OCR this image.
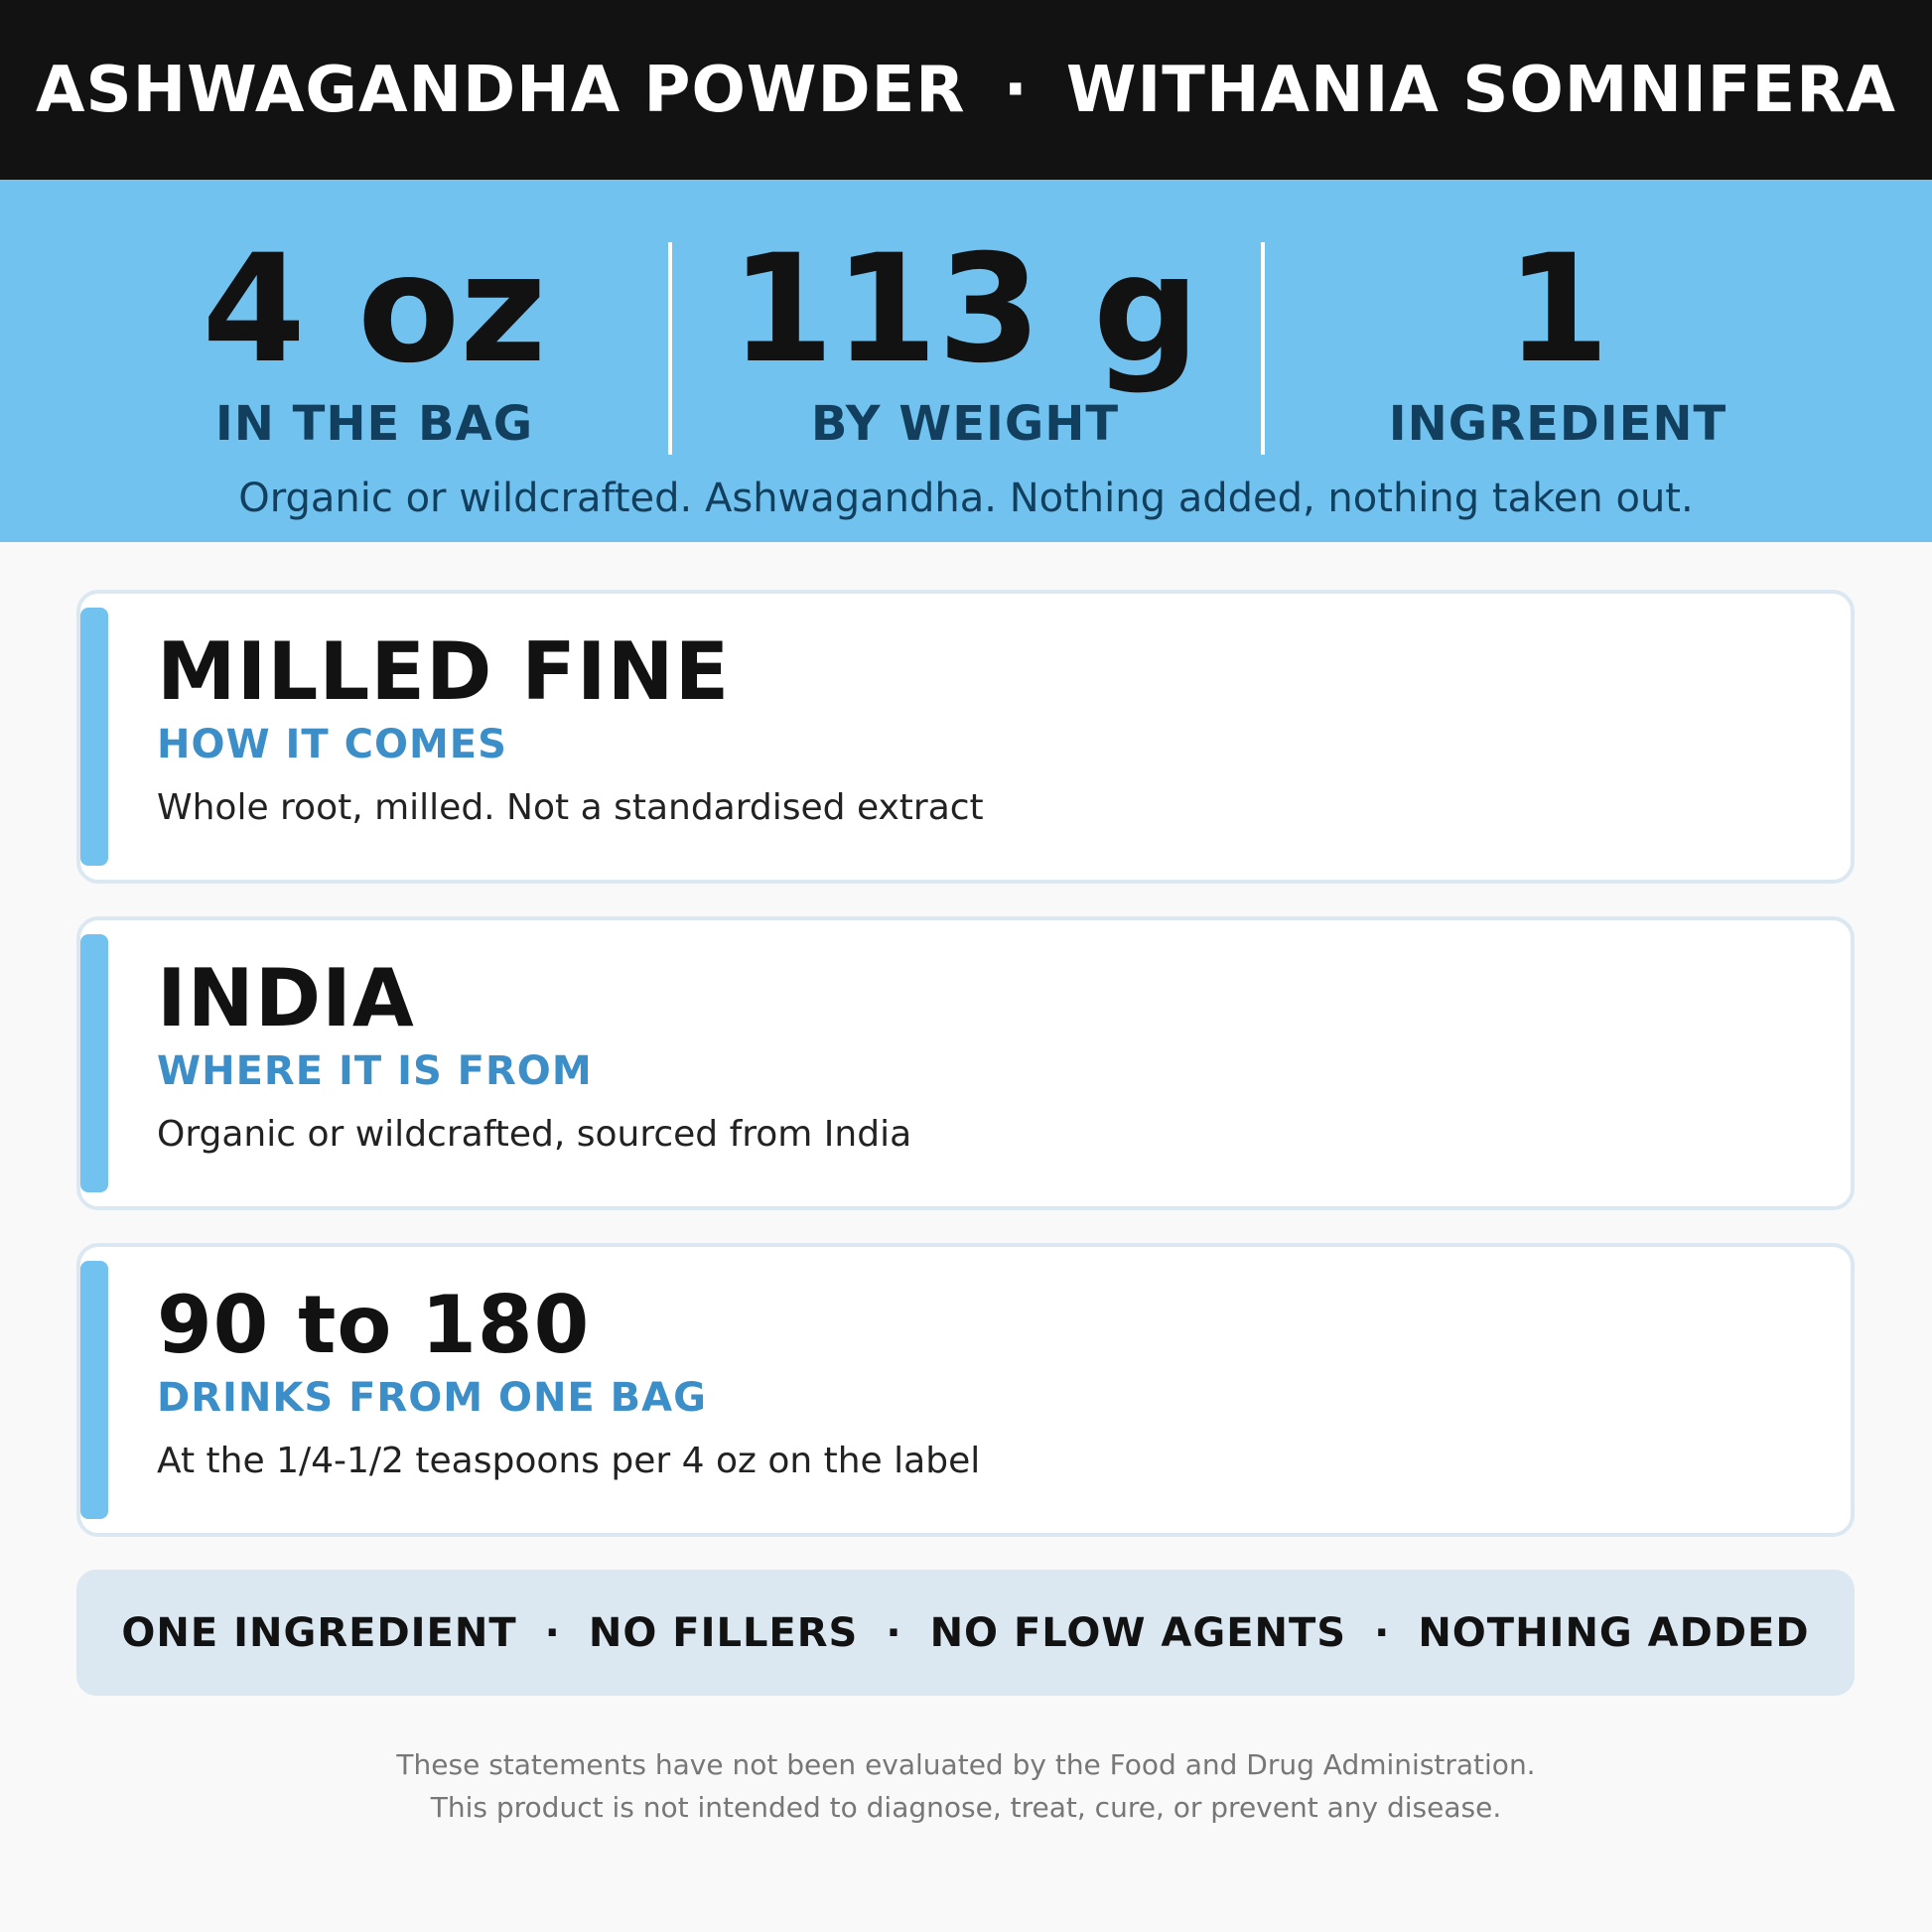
ASHWAGANDHA POWDER · WITHANIA SOMNIFERA
4 oz
IN THE BAG
113 g
BY WEIGHT
1
INGREDIENT
Organic or wildcrafted. Ashwagandha. Nothing added, nothing taken out.
MILLED FINE
HOW IT COMES
Whole root, milled. Not a standardised extract
INDIA
WHERE IT IS FROM
Organic or wildcrafted, sourced from India
90 to 180
DRINKS FROM ONE BAG
At the 1/4-1/2 teaspoons per 4 oz on the label
ONE INGREDIENT · NO FILLERS · NO FLOW AGENTS · NOTHING ADDED
These statements have not been evaluated by the Food and Drug Administration.
This product is not intended to diagnose, treat, cure, or prevent any disease.
